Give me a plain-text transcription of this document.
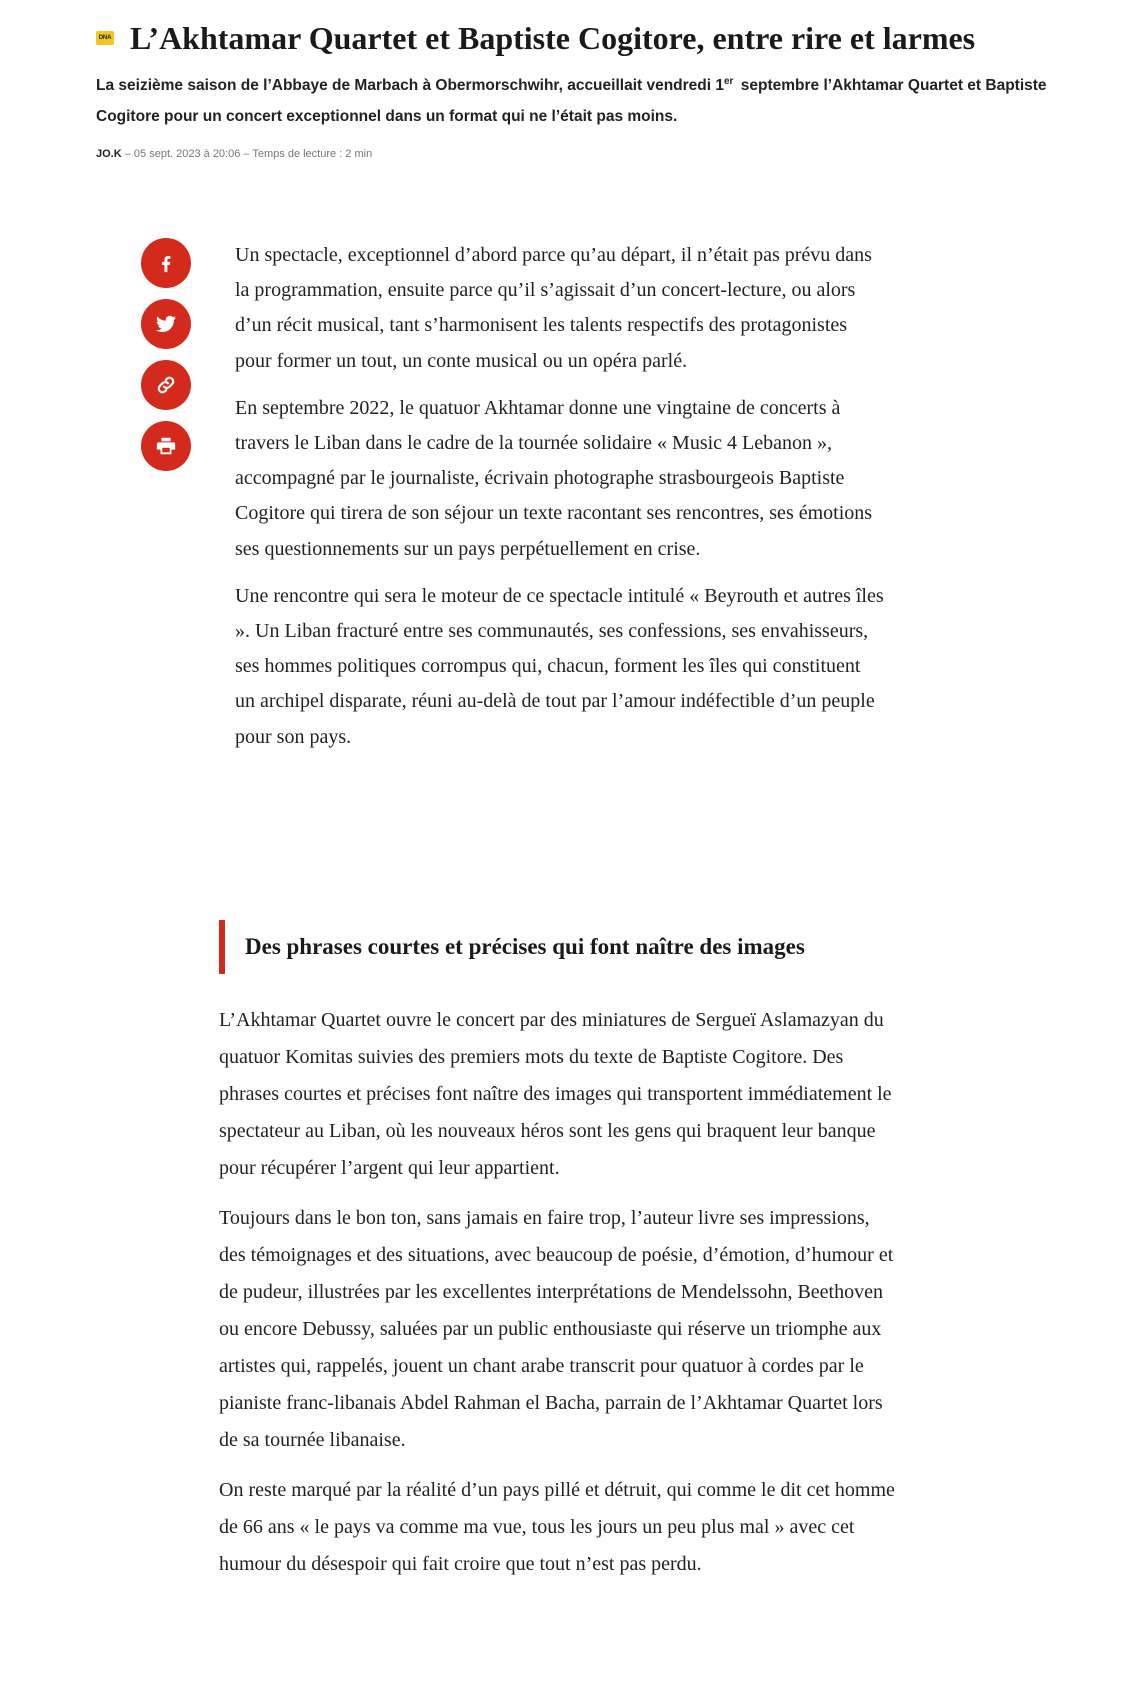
DNA L’Akhtamar Quartet et Baptiste Cogitore, entre rire et larmes

La seizième saison de l’Abbaye de Marbach à Obermorschwihr, accueillait vendredi 1er septembre l’Akhtamar Quartet et Baptiste Cogitore pour un concert exceptionnel dans un format qui ne l’était pas moins.

JO.K – 05 sept. 2023 à 20:06 – Temps de lecture : 2 min

Un spectacle, exceptionnel d’abord parce qu’au départ, il n’était pas prévu dans la programmation, ensuite parce qu’il s’agissait d’un concert-lecture, ou alors d’un récit musical, tant s’harmonisent les talents respectifs des protagonistes pour former un tout, un conte musical ou un opéra parlé.

En septembre 2022, le quatuor Akhtamar donne une vingtaine de concerts à travers le Liban dans le cadre de la tournée solidaire « Music 4 Lebanon », accompagné par le journaliste, écrivain photographe strasbourgeois Baptiste Cogitore qui tirera de son séjour un texte racontant ses rencontres, ses émotions ses questionnements sur un pays perpétuellement en crise.

Une rencontre qui sera le moteur de ce spectacle intitulé « Beyrouth et autres îles ». Un Liban fracturé entre ses communautés, ses confessions, ses envahisseurs, ses hommes politiques corrompus qui, chacun, forment les îles qui constituent un archipel disparate, réuni au-delà de tout par l’amour indéfectible d’un peuple pour son pays.

Des phrases courtes et précises qui font naître des images

L’Akhtamar Quartet ouvre le concert par des miniatures de Sergueï Aslamazyan du quatuor Komitas suivies des premiers mots du texte de Baptiste Cogitore. Des phrases courtes et précises font naître des images qui transportent immédiatement le spectateur au Liban, où les nouveaux héros sont les gens qui braquent leur banque pour récupérer l’argent qui leur appartient.

Toujours dans le bon ton, sans jamais en faire trop, l’auteur livre ses impressions, des témoignages et des situations, avec beaucoup de poésie, d’émotion, d’humour et de pudeur, illustrées par les excellentes interprétations de Mendelssohn, Beethoven ou encore Debussy, saluées par un public enthousiaste qui réserve un triomphe aux artistes qui, rappelés, jouent un chant arabe transcrit pour quatuor à cordes par le pianiste franc-libanais Abdel Rahman el Bacha, parrain de l’Akhtamar Quartet lors de sa tournée libanaise.

On reste marqué par la réalité d’un pays pillé et détruit, qui comme le dit cet homme de 66 ans « le pays va comme ma vue, tous les jours un peu plus mal » avec cet humour du désespoir qui fait croire que tout n’est pas perdu.
